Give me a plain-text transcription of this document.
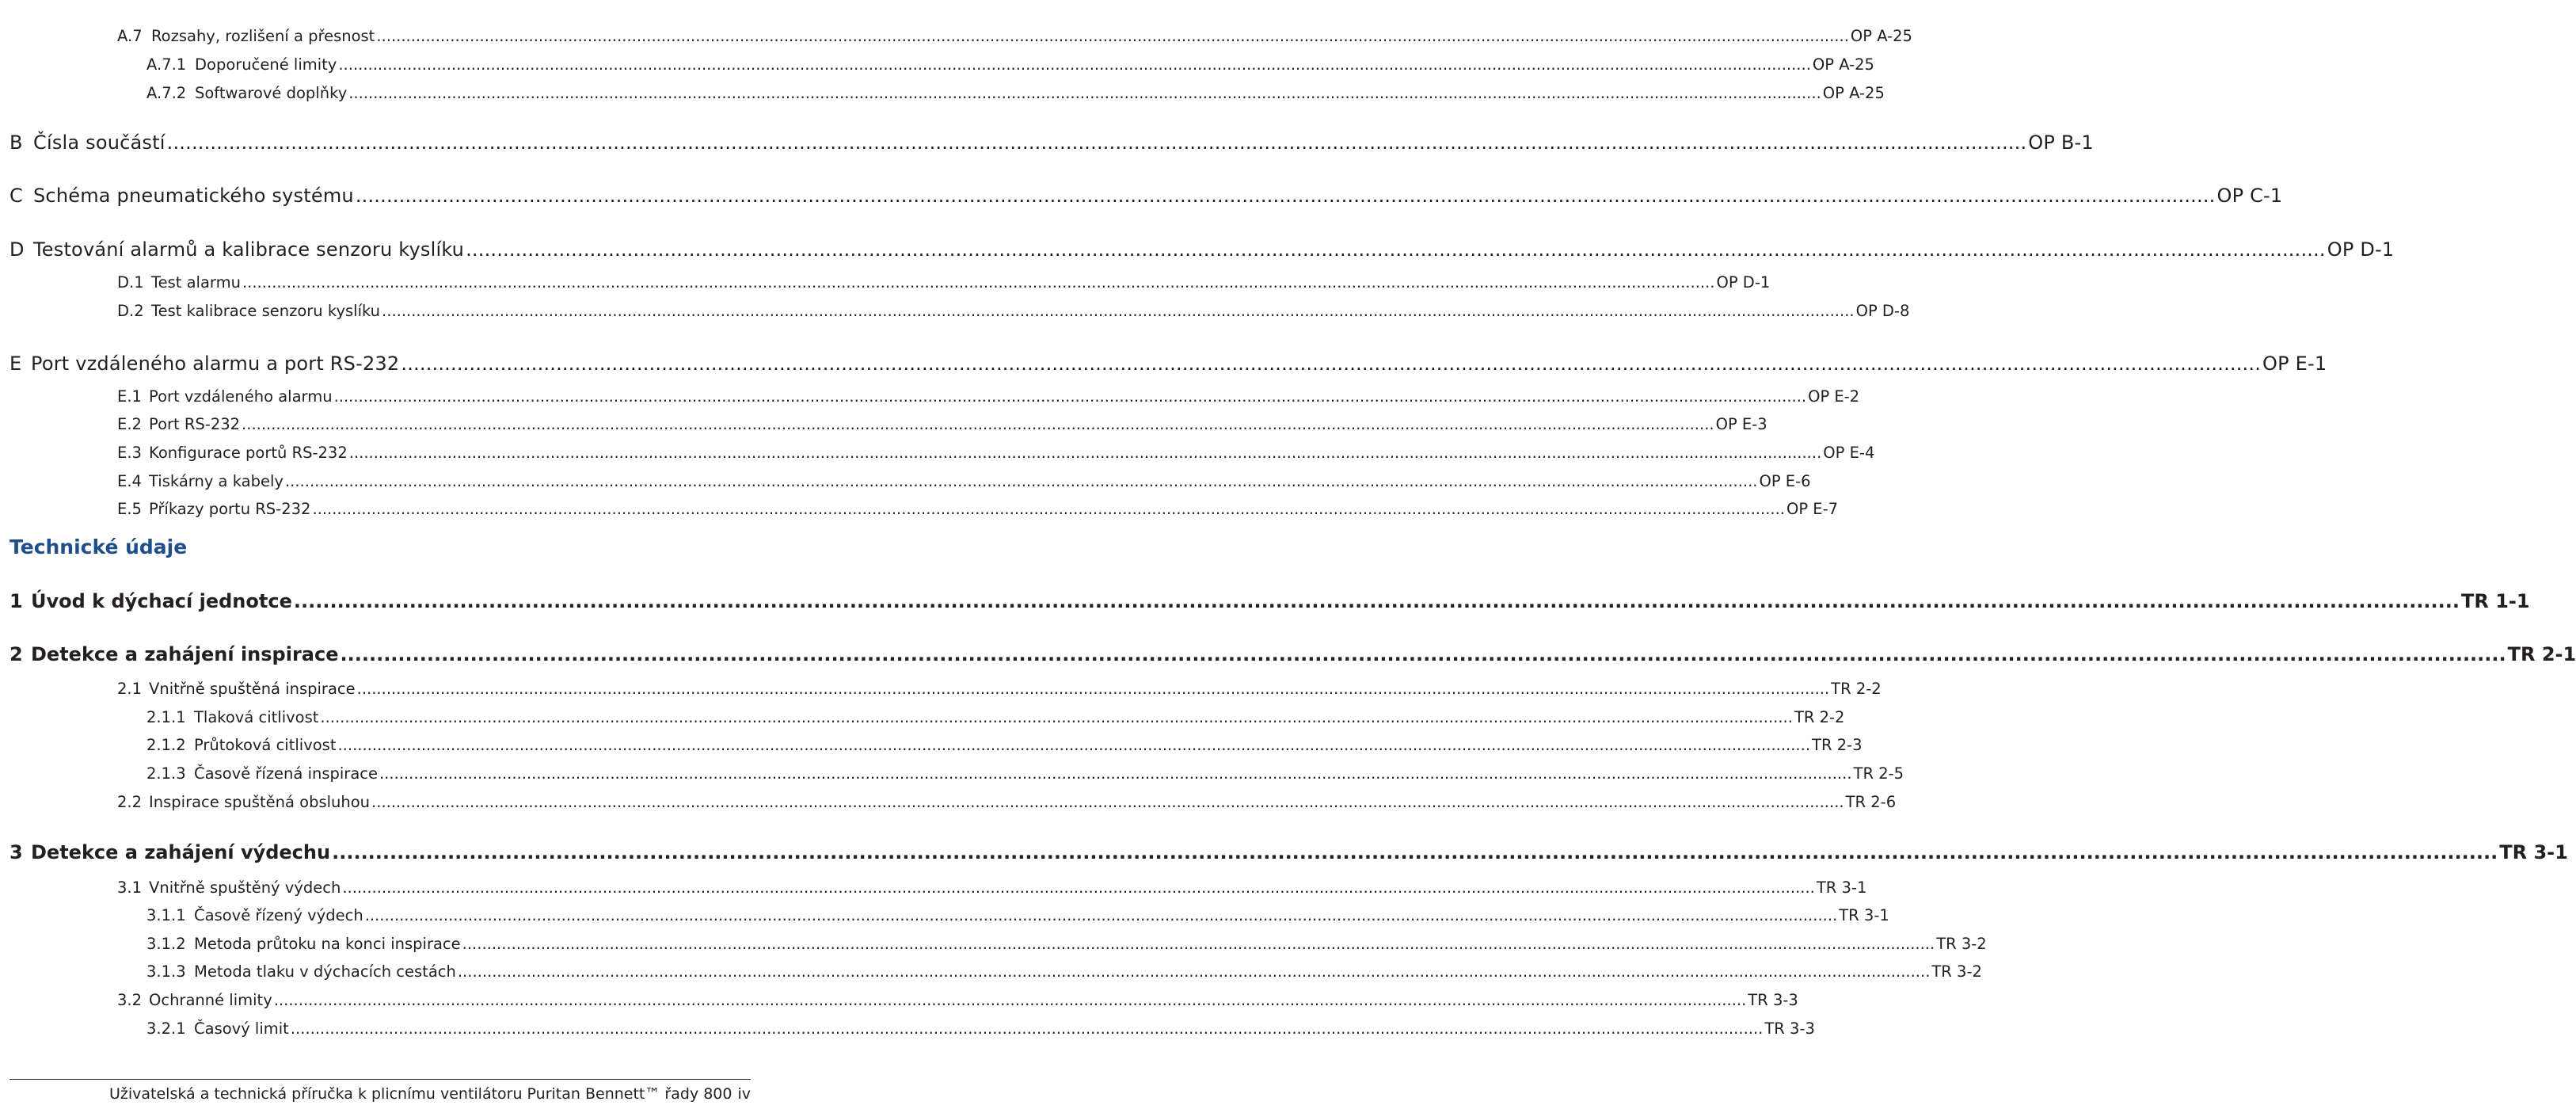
A.7 Rozsahy, rozlišení a přesnost ............................................................................................................................................................................................................................................................................................................ OP A-25
A.7.1 Doporučené limity ............................................................................................................................................................................................................................................................................................................ OP A-25
A.7.2 Softwarové doplňky ............................................................................................................................................................................................................................................................................................................ OP A-25
B Čísla součástí ............................................................................................................................................................................................................................................................................................................ OP B-1
C Schéma pneumatického systému ............................................................................................................................................................................................................................................................................................................ OP C-1
D Testování alarmů a kalibrace senzoru kyslíku ............................................................................................................................................................................................................................................................................................................ OP D-1
D.1 Test alarmu ............................................................................................................................................................................................................................................................................................................ OP D-1
D.2 Test kalibrace senzoru kyslíku ............................................................................................................................................................................................................................................................................................................ OP D-8
E Port vzdáleného alarmu a port RS-232 ............................................................................................................................................................................................................................................................................................................ OP E-1
E.1 Port vzdáleného alarmu ............................................................................................................................................................................................................................................................................................................ OP E-2
E.2 Port RS-232 ............................................................................................................................................................................................................................................................................................................ OP E-3
E.3 Konfigurace portů RS-232 ............................................................................................................................................................................................................................................................................................................ OP E-4
E.4 Tiskárny a kabely ............................................................................................................................................................................................................................................................................................................ OP E-6
E.5 Příkazy portu RS-232 ............................................................................................................................................................................................................................................................................................................ OP E-7
Technické údaje
1 Úvod k dýchací jednotce ............................................................................................................................................................................................................................................................................................................ TR 1-1
2 Detekce a zahájení inspirace ............................................................................................................................................................................................................................................................................................................ TR 2-1
2.1 Vnitřně spuštěná inspirace ............................................................................................................................................................................................................................................................................................................ TR 2-2
2.1.1 Tlaková citlivost ............................................................................................................................................................................................................................................................................................................ TR 2-2
2.1.2 Průtoková citlivost ............................................................................................................................................................................................................................................................................................................ TR 2-3
2.1.3 Časově řízená inspirace ............................................................................................................................................................................................................................................................................................................ TR 2-5
2.2 Inspirace spuštěná obsluhou ............................................................................................................................................................................................................................................................................................................ TR 2-6
3 Detekce a zahájení výdechu ............................................................................................................................................................................................................................................................................................................ TR 3-1
3.1 Vnitřně spuštěný výdech ............................................................................................................................................................................................................................................................................................................ TR 3-1
3.1.1 Časově řízený výdech ............................................................................................................................................................................................................................................................................................................ TR 3-1
3.1.2 Metoda průtoku na konci inspirace ............................................................................................................................................................................................................................................................................................................ TR 3-2
3.1.3 Metoda tlaku v dýchacích cestách ............................................................................................................................................................................................................................................................................................................ TR 3-2
3.2 Ochranné limity ............................................................................................................................................................................................................................................................................................................ TR 3-3
3.2.1 Časový limit ............................................................................................................................................................................................................................................................................................................ TR 3-3
Uživatelská a technická příručka k plicnímu ventilátoru Puritan Bennett™ řady 800 iv
